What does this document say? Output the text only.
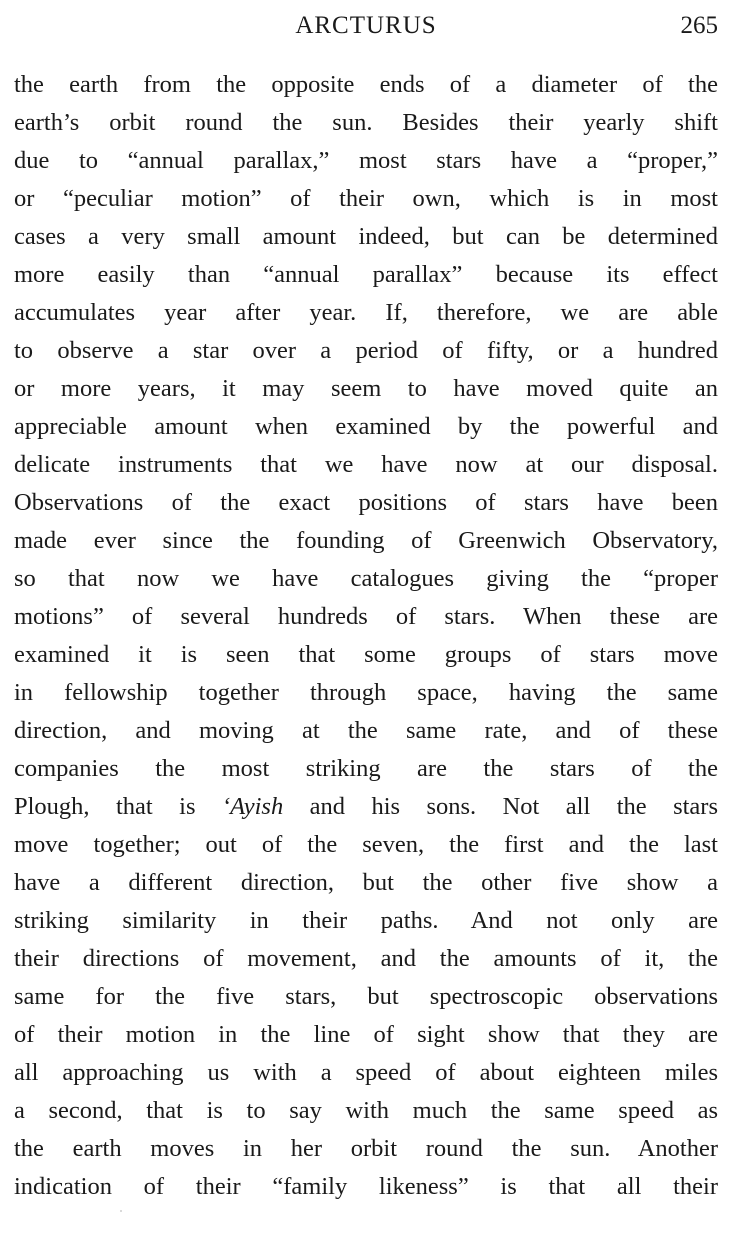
ARCTURUS	265
the earth from the opposite ends of a diameter of the
earth’s orbit round the sun. Besides their yearly shift
due to “annual parallax,” most stars have a “proper,”
or “peculiar motion” of their own, which is in most
cases a very small amount indeed, but can be determined
more easily than “annual parallax” because its effect
accumulates year after year. If, therefore, we are able
to observe a star over a period of fifty, or a hundred
or more years, it may seem to have moved quite an
appreciable amount when examined by the powerful and
delicate instruments that we have now at our disposal.
Observations of the exact positions of stars have been
made ever since the founding of Greenwich Observatory,
so that now we have catalogues giving the “proper
motions” of several hundreds of stars. When these are
examined it is seen that some groups of stars move
in fellowship together through space, having the same
direction, and moving at the same rate, and of these
companies the most striking are the stars of the
Plough, that is ‘Ayish and his sons. Not all the stars
move together; out of the seven, the first and the last
have a different direction, but the other five show a
striking similarity in their paths. And not only are
their directions of movement, and the amounts of it, the
same for the five stars, but spectroscopic observations
of their motion in the line of sight show that they are
all approaching us with a speed of about eighteen miles
a second, that is to say with much the same speed as
the earth moves in her orbit round the sun. Another
indication of their “family likeness” is that all their
